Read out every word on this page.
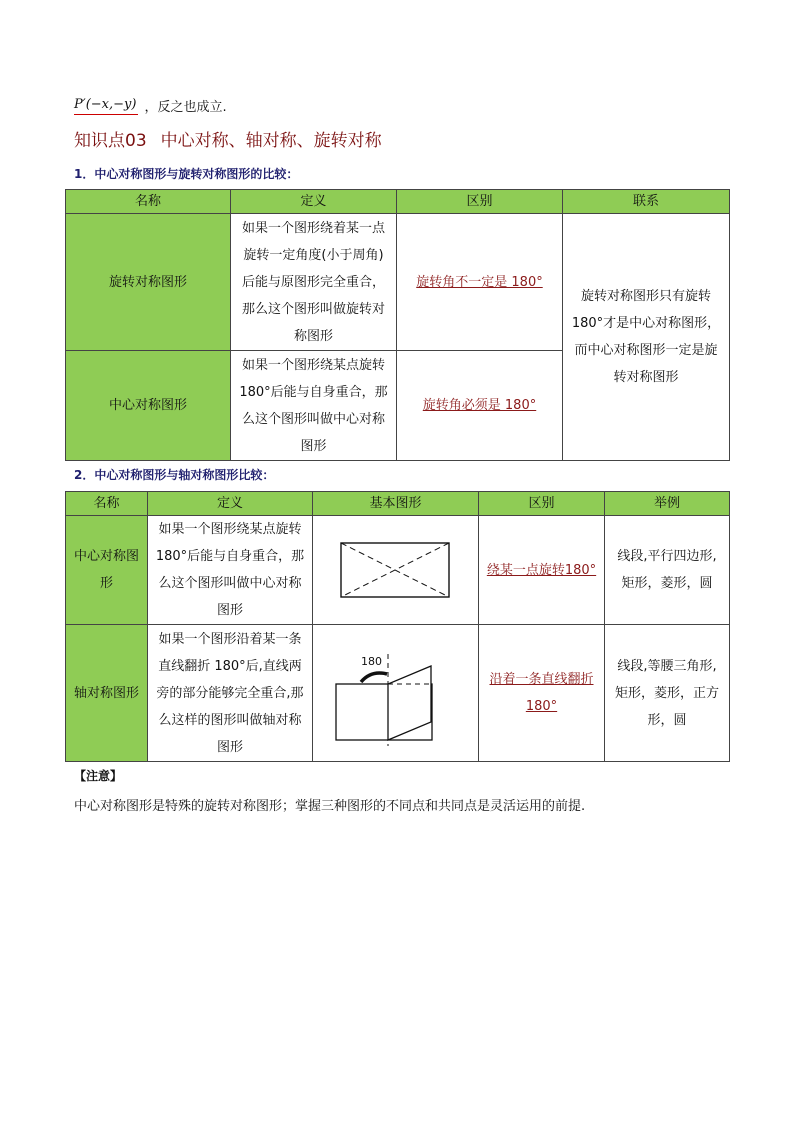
P′(−x,−y) ，反之也成立.
知识点03 中心对称、轴对称、旋转对称
1．中心对称图形与旋转对称图形的比较：
名称	定义	区别	联系
旋转对称图形	如果一个图形绕着某一点旋转一定角度(小于周角)后能与原图形完全重合，那么这个图形叫做旋转对称图形	旋转角不一定是 180°	旋转对称图形只有旋转180°才是中心对称图形，而中心对称图形一定是旋转对称图形
中心对称图形	如果一个图形绕某点旋转 180°后能与自身重合，那么这个图形叫做中心对称图形	旋转角必须是 180°	
2．中心对称图形与轴对称图形比较：
名称	定义	基本图形	区别	举例
中心对称图形	如果一个图形绕某点旋转 180°后能与自身重合，那么这个图形叫做中心对称图形		绕某一点旋转180°	线段,平行四边形,矩形，菱形，圆
轴对称图形	如果一个图形沿着某一条直线翻折 180°后,直线两旁的部分能够完全重合,那么这样的图形叫做轴对称图形	180	沿着一条直线翻折 180°	线段,等腰三角形,矩形，菱形，正方形，圆
【注意】
中心对称图形是特殊的旋转对称图形；掌握三种图形的不同点和共同点是灵活运用的前提.
